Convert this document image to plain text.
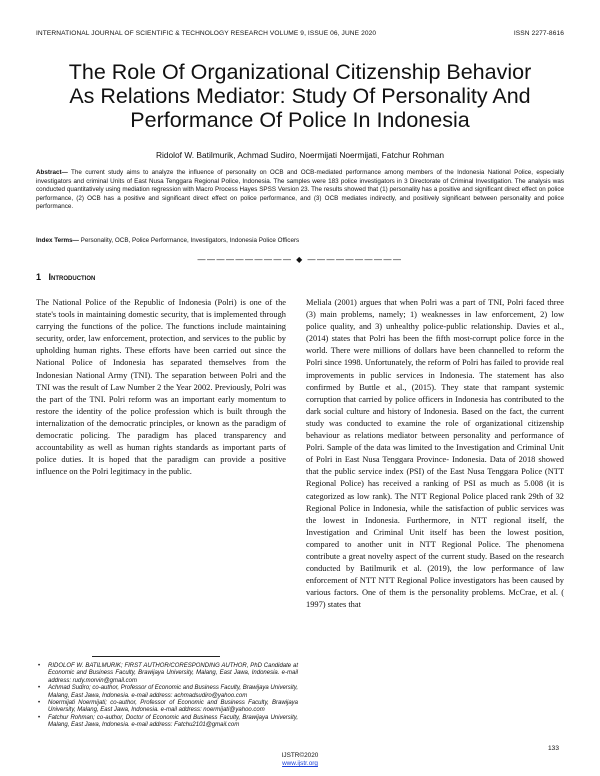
INTERNATIONAL JOURNAL OF SCIENTIFIC & TECHNOLOGY RESEARCH VOLUME 9, ISSUE 06, JUNE 2020	ISSN 2277-8616
The Role Of Organizational Citizenship Behavior
As Relations Mediator: Study Of Personality And
Performance Of Police In Indonesia
Ridolof W. Batilmurik, Achmad Sudiro, Noermijati Noermijati, Fatchur Rohman
Abstract— The current study aims to analyze the influence of personality on OCB and OCB-mediated performance among members of the Indonesia National Police, especially investigators and criminal Units of East Nusa Tenggara Regional Police, Indonesia. The samples were 183 police investigators in 3 Directorate of Criminal Investigation. The analysis was conducted quantitatively using mediation regression with Macro Process Hayes SPSS Version 23. The results showed that (1) personality has a positive and significant direct effect on police performance, (2) OCB has a positive and significant direct effect on police performance, and (3) OCB mediates indirectly, and positively significant between personality and police performance.
Index Terms— Personality, OCB, Police Performance, Investigators, Indonesia Police Officers
—————————— ◆ ——————————
1 Introduction

The National Police of the Republic of Indonesia (Polri) is one of the state's tools in maintaining domestic security, that is implemented through carrying the functions of the police. The functions include maintaining security, order, law enforcement, protection, and services to the public by upholding human rights. These efforts have been carried out since the National Police of Indonesia has separated themselves from the Indonesian National Army (TNI). The separation between Polri and the TNI was the result of Law Number 2 the Year 2002. Previously, Polri was the part of the TNI. Polri reform was an important early momentum to restore the identity of the police profession which is built through the internalization of the democratic principles, or known as the paradigm of democratic policing. The paradigm has placed transparency and accountability as well as human rights standards as important parts of police duties. It is hoped that the paradigm can provide a positive influence on the Polri legitimacy in the public.

Meliala (2001) argues that when Polri was a part of TNI, Polri faced three (3) main problems, namely; 1) weaknesses in law enforcement, 2) low police quality, and 3) unhealthy police-public relationship. Davies et al., (2014) states that Polri has been the fifth most-corrupt police force in the world. There were millions of dollars have been channelled to reform the Polri since 1998. Unfortunately, the reform of Polri has failed to provide real improvements in public services in Indonesia. The statement has also confirmed by Buttle et al., (2015). They state that rampant systemic corruption that carried by police officers in Indonesia has contributed to the dark social culture and history of Indonesia. Based on the fact, the current study was conducted to examine the role of organizational citizenship behaviour as relations mediator between personality and performance of Polri. Sample of the data was limited to the Investigation and Criminal Unit of Polri in East Nusa Tenggara Province- Indonesia. Data of 2018 showed that the public service index (PSI) of the East Nusa Tenggara Police (NTT Regional Police) has received a ranking of PSI as much as 5.008 (it is categorized as low rank). The NTT Regional Police placed rank 29th of 32 Regional Police in Indonesia, while the satisfaction of public services was the lowest in Indonesia. Furthermore, in NTT regional itself, the Investigation and Criminal Unit itself has been the lowest position, compared to another unit in NTT Regional Police. The phenomena contribute a great novelty aspect of the current study. Based on the research conducted by Batilmurik et al. (2019), the low performance of law enforcement of NTT NTT Regional Police investigators has been caused by various factors. One of them is the personality problems. McCrae, et al. ( 1997) states that

• RIDOLOF W. BATILMURIK; FIRST AUTHOR/CORESPONDING AUTHOR, PhD Candidate at Economic and Business Faculty, Brawijaya University, Malang, East Jawa, Indonesia. e-mail address: rudy.morvin@gmail.com
• Achmad Sudiro; co-author, Professor of Economic and Business Faculty, Brawijaya University, Malang, East Jawa, Indonesia. e-mail address: achmadsudiro@yahoo.com
• Noermijati Noermijati; co-author, Professor of Economic and Business Faculty, Brawijaya University, Malang, East Jawa, Indonesia. e-mail address: noermijati@yahoo.com
• Fatchur Rohman; co-author, Doctor of Economic and Business Faculty, Brawijaya University, Malang, East Jawa, Indonesia. e-mail address: Fatchu2101@gmail.com
133
IJSTR©2020
www.ijstr.org
